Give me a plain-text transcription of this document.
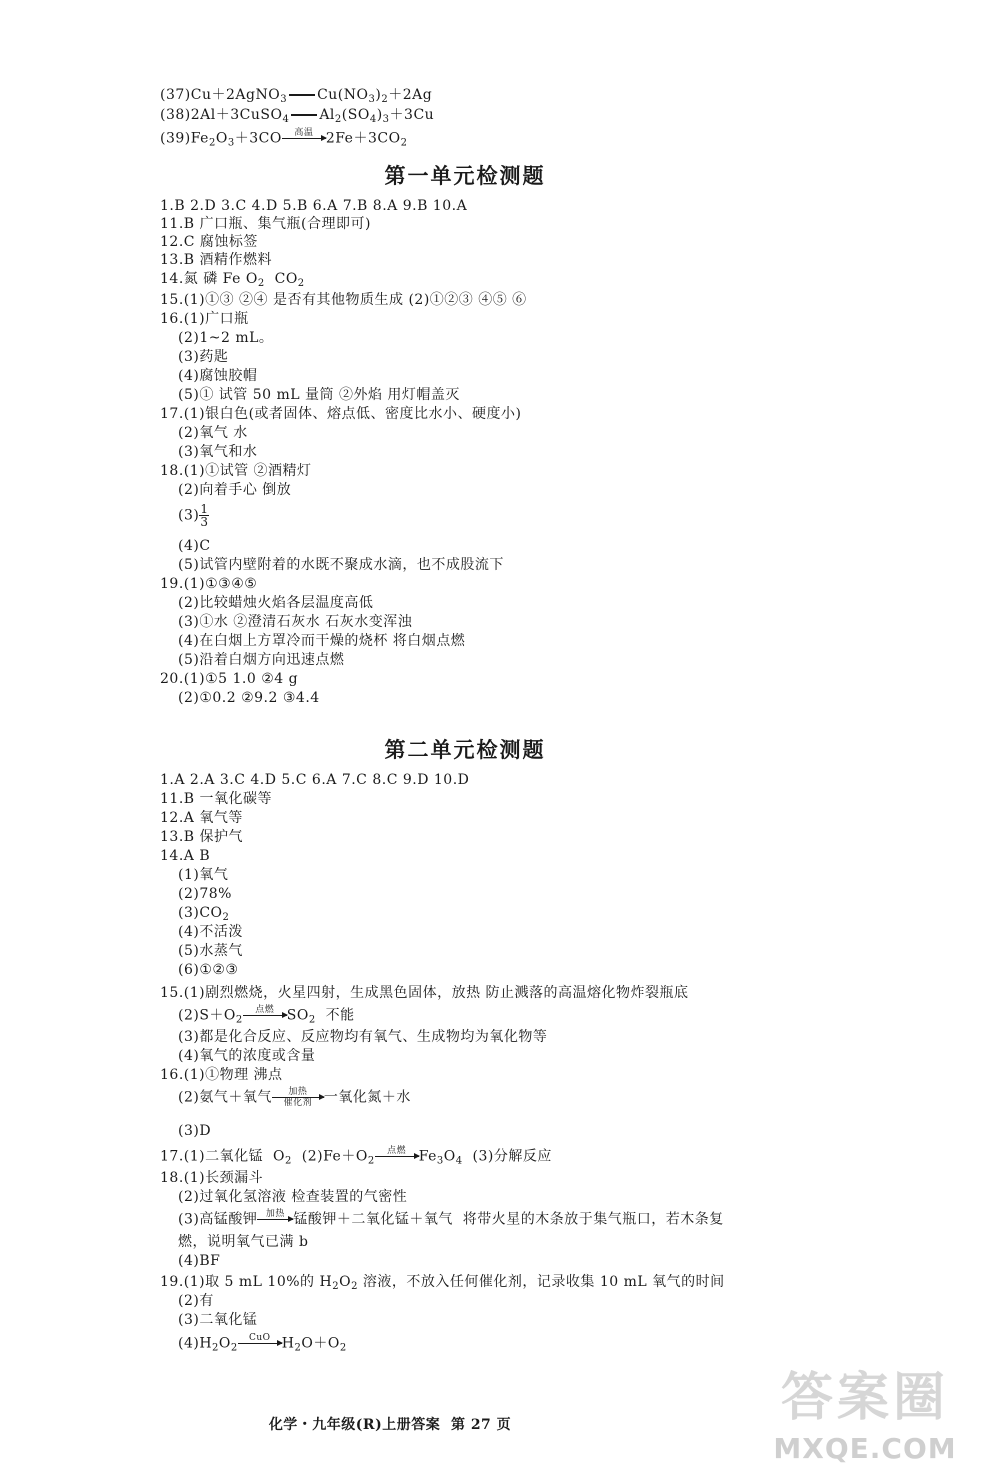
(37)Cu＋2AgNO$_3$ $Cu(NO_3)_2+2Ag$
(38)2Al＋3CuSO$_4$ $Al_2(SO_4)_3+3Cu$
$(39)Fe_2O_3+3CO$	高温
$2Fe+3CO_2$
第一单元检测题
1.B 2.D 3.C 4.D 5.B 6.A 7.B 8.A 9.B 10.A
11.B 广口瓶、集气瓶(合理即可)
12.C 腐蚀标签
13.B 酒精作燃料
14.氮 磷 Fe $O_2$  $CO_2$
15.(1)①③ ②④ 是否有其他物质生成 (2)①②③ ④⑤ ⑥
16.(1)广口瓶
(2)1~2 mL。
(3)药匙
(4)腐蚀胶帽
(5)① 试管 50 mL 量筒 ②外焰 用灯帽盖灭
17.(1)银白色(或者固体、熔点低、密度比水小、硬度小)
(2)氧气 水
(3)氧气和水
18.(1)①试管 ②酒精灯
(2)向着手心 倒放
$(3) \frac{1}{3}$
(4)C
(5)试管内壁附着的水既不聚成水滴，也不成股流下
19.(1)①③④⑤
(2)比较蜡烛火焰各层温度高低
(3)①水 ②澄清石灰水 石灰水变浑浊
(4)在白烟上方罩冷而干燥的烧杯 将白烟点燃
(5)沿着白烟方向迅速点燃
20.(1)①5 1.0 ②4 g
(2)①0.2 ②9.2 ③4.4
第二单元检测题
1.A 2.A 3.C 4.D 5.C 6.A 7.C 8.C 9.D 10.D
11.B 一氧化碳等
12.A 氧气等
13.B 保护气
14.A B
(1)氧气
(2)78%
$(3)CO_2$
(4)不活泼
(5)水蒸气
(6)①②③
15.(1)剧烈燃烧，火星四射，生成黑色固体，放热 防止溅落的高温熔化物炸裂瓶底
$(2)S+O_2$
点燃
$SO_2$  不能
(3)都是化合反应、反应物均有氧气、生成物均为氧化物等
(4)氧气的浓度或含量
16.(1)①物理 沸点
(2)氨气＋氧气	加热
催化剂 一氧化氮＋水
(3)D
17.(1)二氧化锰  $O_2$  $(2)Fe+O_2$
点燃
$Fe_3O_4$  (3)分解反应
18.(1)长颈漏斗
(2)过氧化氢溶液 检查装置的气密性
(3)高锰酸钾 加热
锰酸钾＋二氧化锰＋氧气  将带火星的木条放于集气瓶口，若木条复
燃，说明氧气已满 b
(4)BF
19.(1)取 5 mL 10%的 $H_2O_2$ 溶液，不放入任何催化剂，记录收集 10 mL 氧气的时间
(2)有
(3)二氧化锰
$(4)H_2O_2$
CuO
$H_2O+O_2$
化学・九年级(R)上册答案  第 27 页	答案圈
MXQE.COM
